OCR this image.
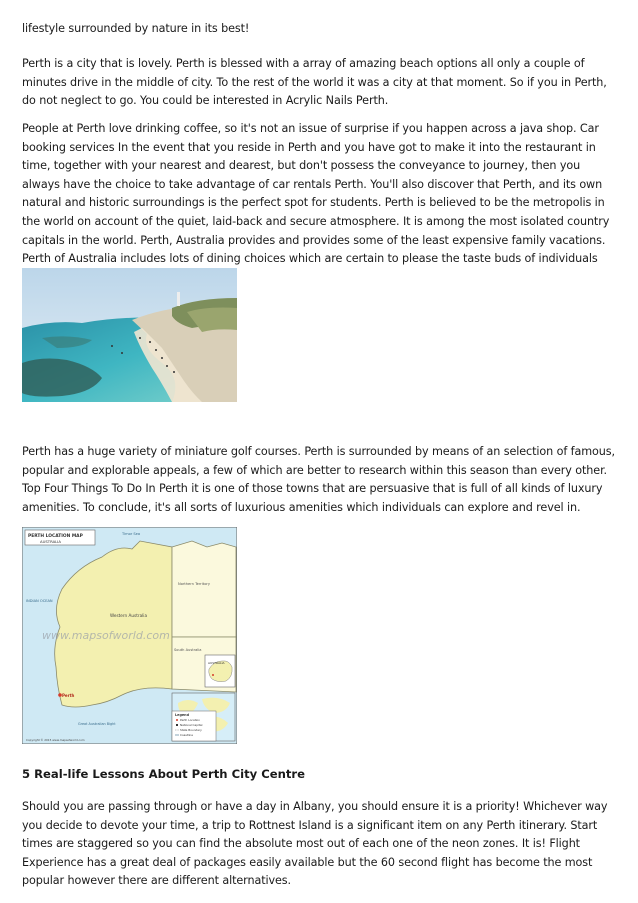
lifestyle surrounded by nature in its best!

Perth is a city that is lovely. Perth is blessed with a array of amazing beach options all only a couple of minutes drive in the middle of city. To the rest of the world it was a city at that moment. So if you in Perth, do not neglect to go. You could be interested in Acrylic Nails Perth.

People at Perth love drinking coffee, so it's not an issue of surprise if you happen across a java shop. Car booking services In the event that you reside in Perth and you have got to make it into the restaurant in time, together with your nearest and dearest, but don't possess the conveyance to journey, then you always have the choice to take advantage of car rentals Perth. You'll also discover that Perth, and its own natural and historic surroundings is the perfect spot for students. Perth is believed to be the metropolis in the world on account of the quiet, laid-back and secure atmosphere. It is among the most isolated country capitals in the world. Perth, Australia provides and provides some of the least expensive family vacations. Perth of Australia includes lots of dining choices which are certain to please the taste buds of individuals

Perth has a huge variety of miniature golf courses. Perth is surrounded by means of an selection of famous, popular and explorable appeals, a few of which are better to research within this season than every other. Top Four Things To Do In Perth it is one of those towns that are persuasive that is full of all kinds of luxury amenities. To conclude, it's all sorts of luxurious amenities which individuals can explore and revel in.

PERTH LOCATION MAP
AUSTRALIA
Timor Sea
INDIAN OCEAN
Northern Territory
South Australia
Western Australia
www.mapsofworld.com
Great Australian Bight
Perth
AUSTRALIA
Legend
Perth Location
National Capital
State Boundary
Coastline
Copyright © 2015 www.mapsofworld.com

5 Real-life Lessons About Perth City Centre

Should you are passing through or have a day in Albany, you should ensure it is a priority! Whichever way you decide to devote your time, a trip to Rottnest Island is a significant item on any Perth itinerary. Start times are staggered so you can find the absolute most out of each one of the neon zones. It is! Flight Experience has a great deal of packages easily available but the 60 second flight has become the most popular however there are different alternatives.
